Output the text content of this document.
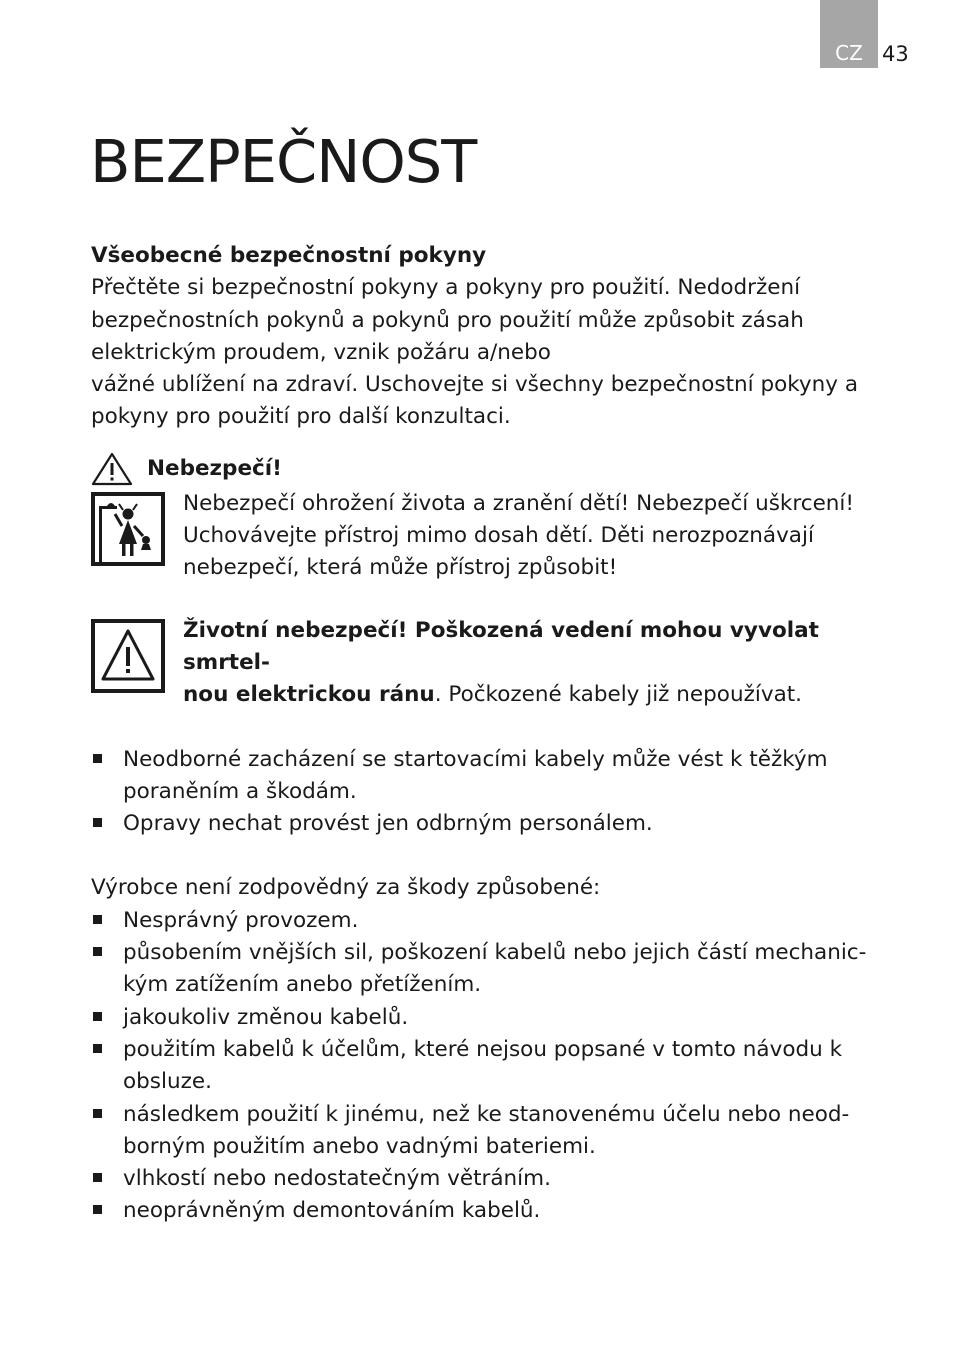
CZ 43
BEZPEČNOST

Všeobecné bezpečnostní pokyny

Přečtěte si bezpečnostní pokyny a pokyny pro použití. Nedodržení
bezpečnostních pokynů a pokynů pro použití může způsobit zásah
elektrickým proudem, vznik požáru a/nebo
vážné ublížení na zdraví. Uschovejte si všechny bezpečnostní pokyny a
pokyny pro použití pro další konzultaci.
Nebezpečí!
Nebezpečí ohrožení života a zranění dětí! Nebezpečí uškrcení!
Uchovávejte přístroj mimo dosah dětí. Děti nerozpoznávají
nebezpečí, která může přístroj způsobit!
Životní nebezpečí! Poškozená vedení mohou vyvolat smrtel-
nou elektrickou ránu. Počkozené kabely již nepoužívat.
Neodborné zacházení se startovacími kabely může vést k těžkým
poraněním a škodám.
Opravy nechat provést jen odbrným personálem.

Výrobce není zodpovědný za škody způsobené:

Nesprávný provozem.
působením vnějších sil, poškození kabelů nebo jejich částí mechanic-
kým zatížením anebo přetížením.
jakoukoliv změnou kabelů.
použitím kabelů k účelům, které nejsou popsané v tomto návodu k
obsluze.
následkem použití k jinému, než ke stanovenému účelu nebo neod-
borným použitím anebo vadnými bateriemi.
vlhkostí nebo nedostatečným větráním.
neoprávněným demontováním kabelů.
